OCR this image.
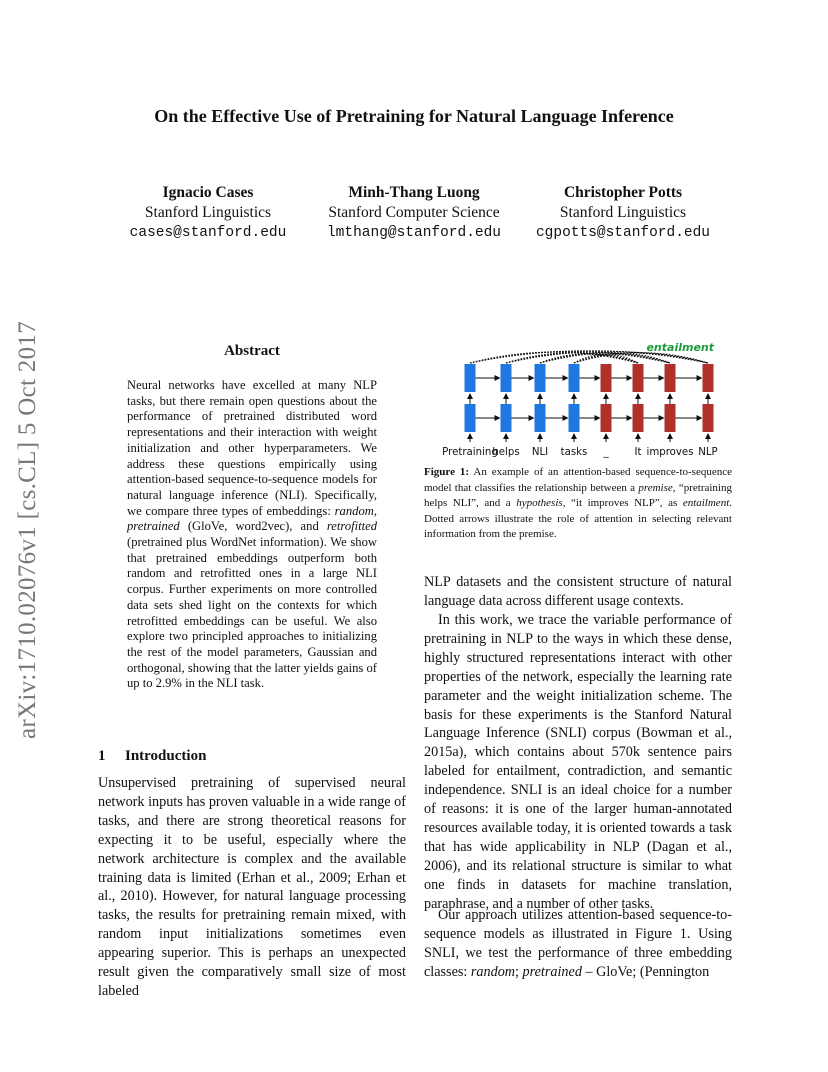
On the Effective Use of Pretraining for Natural Language Inference
Ignacio Cases
Stanford Linguistics
cases@stanford.edu
Minh-Thang Luong
Stanford Computer Science
lmthang@stanford.edu
Christopher Potts
Stanford Linguistics
cgpotts@stanford.edu
arXiv:1710.02076v1 [cs.CL] 5 Oct 2017	Abstract

Neural networks have excelled at many NLP tasks, but there remain open questions about the performance of pretrained distributed word representations and their interaction with weight initialization and other hyperparameters. We address these questions empirically using attention-based sequence-to-sequence models for natural language inference (NLI). Specifically, we compare three types of embeddings: random, pretrained (GloVe, word2vec), and retrofitted (pretrained plus WordNet information). We show that pretrained embeddings outperform both random and retrofitted ones in a large NLI corpus. Further experiments on more controlled data sets shed light on the contexts for which retrofitted embeddings can be useful. We also explore two principled approaches to initializing the rest of the model parameters, Gaussian and orthogonal, showing that the latter yields gains of up to 2.9% in the NLI task.

1 Introduction

Unsupervised pretraining of supervised neural network inputs has proven valuable in a wide range of tasks, and there are strong theoretical reasons for expecting it to be useful, especially where the network architecture is complex and the available training data is limited (Erhan et al., 2009; Erhan et al., 2010). However, for natural language processing tasks, the results for pretraining remain mixed, with random input initializations sometimes even appearing superior. This is perhaps an unexpected result given the comparatively small size of most labeled

entailment
Pretraining
helps NLI tasks _	It improves NLP
Figure 1: An example of an attention-based sequence-to-sequence model that classifies the relationship between a premise, “pretraining helps NLI”, and a hypothesis, “it improves NLP”, as entailment. Dotted arrows illustrate the role of attention in selecting relevant information from the premise.

NLP datasets and the consistent structure of natural language data across different usage contexts.

In this work, we trace the variable performance of pretraining in NLP to the ways in which these dense, highly structured representations interact with other properties of the network, especially the learning rate parameter and the weight initialization scheme. The basis for these experiments is the Stanford Natural Language Inference (SNLI) corpus (Bowman et al., 2015a), which contains about 570k sentence pairs labeled for entailment, contradiction, and semantic independence. SNLI is an ideal choice for a number of reasons: it is one of the larger human-annotated resources available today, it is oriented towards a task that has wide applicability in NLP (Dagan et al., 2006), and its relational structure is similar to what one finds in datasets for machine translation, paraphrase, and a number of other tasks.

Our approach utilizes attention-based sequence-to-sequence models as illustrated in Figure 1. Using SNLI, we test the performance of three embedding classes: random; pretrained – GloVe; (Pennington
